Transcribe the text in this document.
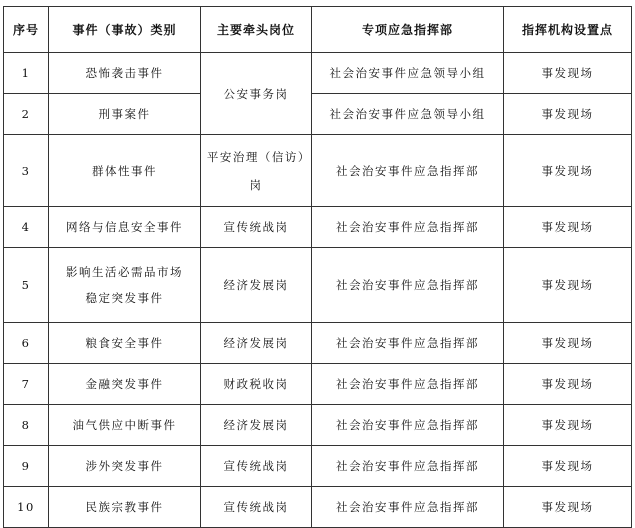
序号	事件（事故）类别	主要牵头岗位	专项应急指挥部	指挥机构设置点
1	恐怖袭击事件	公安事务岗	社会治安事件应急领导小组	事发现场
2	刑事案件		社会治安事件应急领导小组	事发现场
3	群体性事件	平安治理（信访）岗	社会治安事件应急指挥部	事发现场
4	网络与信息安全事件	宣传统战岗	社会治安事件应急指挥部	事发现场
5	影响生活必需品市场稳定突发事件	经济发展岗	社会治安事件应急指挥部	事发现场
6	粮食安全事件	经济发展岗	社会治安事件应急指挥部	事发现场
7	金融突发事件	财政税收岗	社会治安事件应急指挥部	事发现场
8	油气供应中断事件	经济发展岗	社会治安事件应急指挥部	事发现场
9	涉外突发事件	宣传统战岗	社会治安事件应急指挥部	事发现场
10	民族宗教事件	宣传统战岗	社会治安事件应急指挥部	事发现场
